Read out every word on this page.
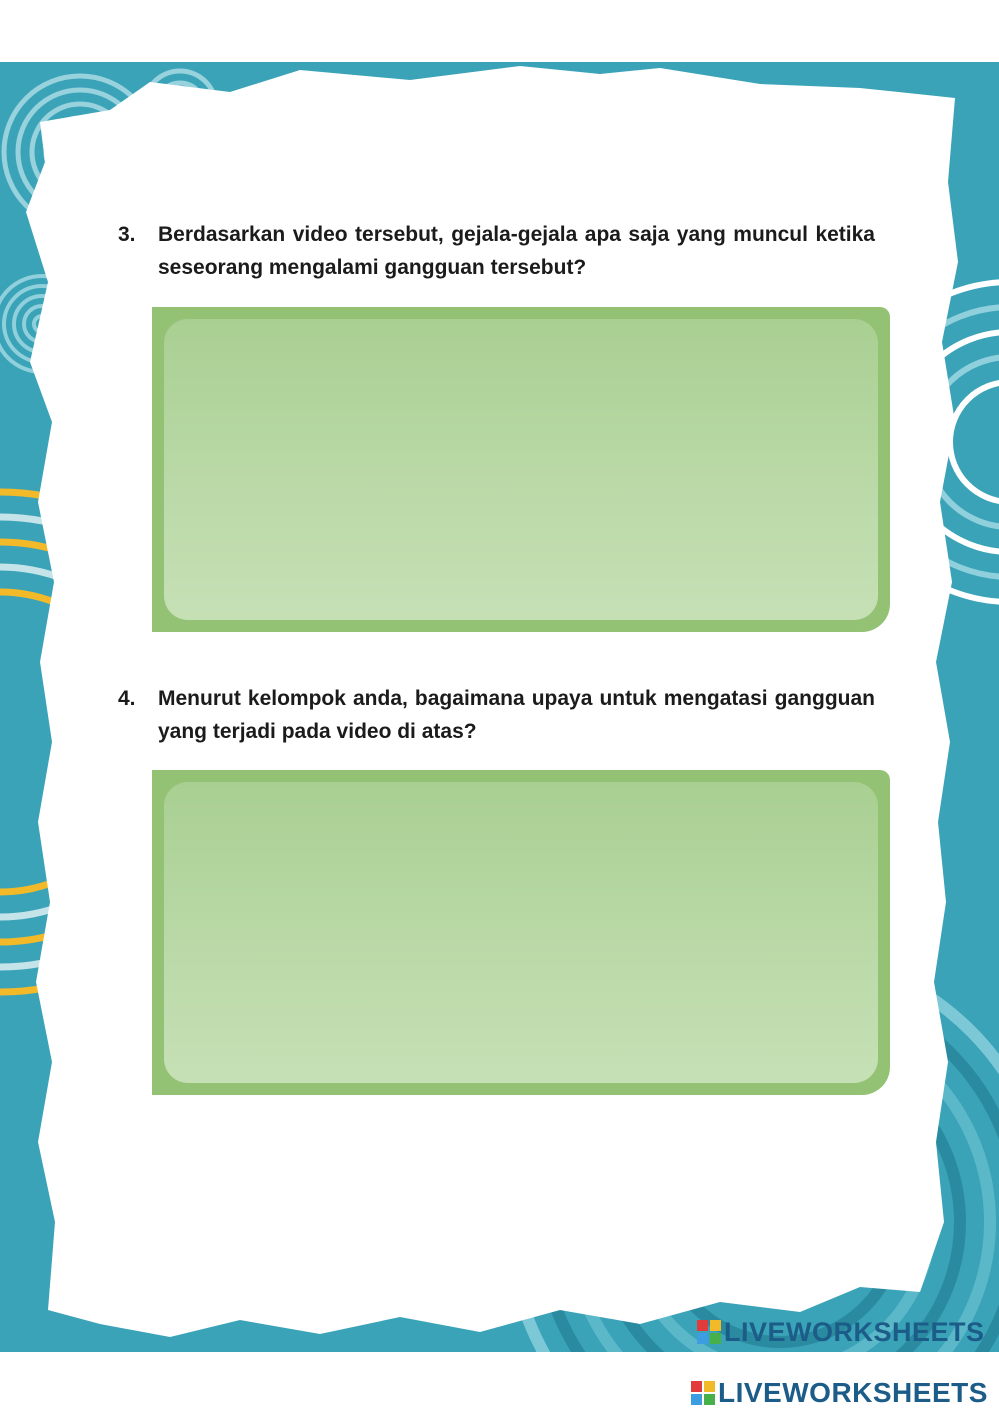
3. Berdasarkan video tersebut, gejala-gejala apa saja yang muncul ketika seseorang mengalami gangguan tersebut?
4. Menurut kelompok anda, bagaimana upaya untuk mengatasi gangguan yang terjadi pada video di atas?
LIVEWORKSHEETS
LIVEWORKSHEETS
